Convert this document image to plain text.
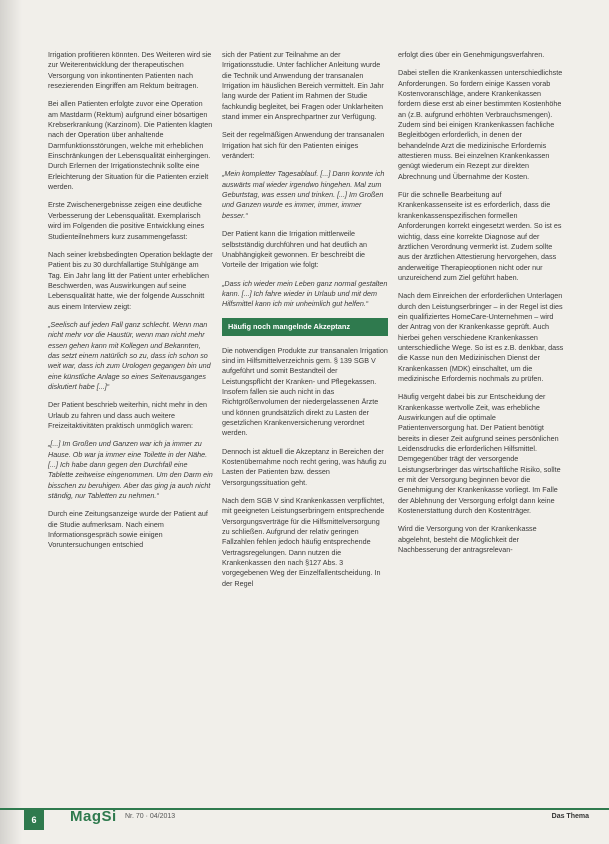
Irrigation profitieren könnten. Des Weiteren wird sie zur Weiterentwicklung der therapeutischen Versorgung von inkontinenten Patienten nach resezierenden Eingriffen am Rektum beitragen.

Bei allen Patienten erfolgte zuvor eine Operation am Mastdarm (Rektum) aufgrund einer bösartigen Krebserkrankung (Karzinom). Die Patienten klagten nach der Operation über anhaltende Darmfunktionsstörungen, welche mit erheblichen Einschränkungen der Lebensqualität einhergingen. Durch Erlernen der Irrigationstechnik sollte eine Erleichterung der Situation für die Patienten erzielt werden.

Erste Zwischenergebnisse zeigen eine deutliche Verbesserung der Lebensqualität. Exemplarisch wird im Folgenden die positive Entwicklung eines Studienteilnehmers kurz zusammengefasst:

Nach seiner krebsbedingten Operation beklagte der Patient bis zu 30 durchfallartige Stuhlgänge am Tag. Ein Jahr lang litt der Patient unter erheblichen Beschwerden, was Auswirkungen auf seine Lebensqualität hatte, wie der folgende Ausschnitt aus einem Interview zeigt:

„Seelisch auf jeden Fall ganz schlecht. Wenn man nicht mehr vor die Haustür, wenn man nicht mehr essen gehen kann mit Kollegen und Bekannten, das setzt einem natürlich so zu, dass ich schon so weit war, dass ich zum Urologen gegangen bin und eine künstliche Anlage so eines Seitenausganges diskutiert habe [...]“

Der Patient beschrieb weiterhin, nicht mehr in den Urlaub zu fahren und dass auch weitere Freizeitaktivitäten praktisch unmöglich waren:

„[...] Im Großen und Ganzen war ich ja immer zu Hause. Ob war ja immer eine Toilette in der Nähe. [...] Ich habe dann gegen den Durchfall eine Tablette zeitweise eingenommen. Um den Darm ein bisschen zu beruhigen. Aber das ging ja auch nicht ständig, nur Tabletten zu nehmen.“

Durch eine Zeitungsanzeige wurde der Patient auf die Studie aufmerksam. Nach einem Informationsgespräch sowie einigen Voruntersuchungen entschied

sich der Patient zur Teilnahme an der Irrigationsstudie. Unter fachlicher Anleitung wurde die Technik und Anwendung der transanalen Irrigation im häuslichen Bereich vermittelt. Ein Jahr lang wurde der Patient im Rahmen der Studie fachkundig begleitet, bei Fragen oder Unklarheiten stand immer ein Ansprechpartner zur Verfügung.

Seit der regelmäßigen Anwendung der transanalen Irrigation hat sich für den Patienten einiges verändert:

„Mein kompletter Tagesablauf. [...] Dann konnte ich auswärts mal wieder irgendwo hingehen. Mal zum Geburtstag, was essen und trinken. [...] Im Großen und Ganzen wurde es immer, immer, immer besser.“

Der Patient kann die Irrigation mittlerweile selbstständig durchführen und hat deutlich an Unabhängigkeit gewonnen. Er beschreibt die Vorteile der Irrigation wie folgt:

„Dass ich wieder mein Leben ganz normal gestalten kann. [...] Ich fahre wieder in Urlaub und mit dem Hilfsmittel kann ich mir unheimlich gut helfen.“

Häufig noch mangelnde Akzeptanz

Die notwendigen Produkte zur transanalen Irrigation sind im Hilfsmittelverzeichnis gem. § 139 SGB V aufgeführt und somit Bestandteil der Leistungspflicht der Kranken- und Pflegekassen. Insofern fallen sie auch nicht in das Richtgrößenvolumen der niedergelassenen Ärzte und können grundsätzlich direkt zu Lasten der gesetzlichen Krankenversicherung verordnet werden.

Dennoch ist aktuell die Akzeptanz in Bereichen der Kostenübernahme noch recht gering, was häufig zu Lasten der Patienten bzw. dessen Versorgungssituation geht.

Nach dem SGB V sind Krankenkassen verpflichtet, mit geeigneten Leistungserbringern entsprechende Versorgungsverträge für die Hilfsmittelversorgung zu schließen. Aufgrund der relativ geringen Fallzahlen fehlen jedoch häufig entsprechende Vertragsregelungen. Dann nutzen die Krankenkassen den nach §127 Abs. 3 vorgegebenen Weg der Einzelfallentscheidung. In der Regel

erfolgt dies über ein Genehmigungsverfahren.

Dabei stellen die Krankenkassen unterschiedlichste Anforderungen. So fordern einige Kassen vorab Kostenvoranschläge, andere Krankenkassen fordern diese erst ab einer bestimmten Kostenhöhe an (z.B. aufgrund erhöhten Verbrauchsmengen). Zudem sind bei einigen Krankenkassen fachliche Begleitbögen erforderlich, in denen der behandelnde Arzt die medizinische Erfordernis attestieren muss. Bei einzelnen Krankenkassen genügt wiederum ein Rezept zur direkten Abrechnung und Übernahme der Kosten.

Für die schnelle Bearbeitung auf Krankenkassenseite ist es erforderlich, dass die krankenkassenspezifischen formellen Anforderungen korrekt eingesetzt werden. So ist es wichtig, dass eine korrekte Diagnose auf der ärztlichen Verordnung vermerkt ist. Zudem sollte aus der ärztlichen Attestierung hervorgehen, dass anderweitige Therapieoptionen nicht oder nur unzureichend zum Ziel geführt haben.

Nach dem Einreichen der erforderlichen Unterlagen durch den Leistungserbringer – in der Regel ist dies ein qualifiziertes HomeCare-Unternehmen – wird der Antrag von der Krankenkasse geprüft. Auch hierbei gehen verschiedene Krankenkassen unterschiedliche Wege. So ist es z.B. denkbar, dass die Kasse nun den Medizinischen Dienst der Krankenkassen (MDK) einschaltet, um die medizinische Erfordernis nochmals zu prüfen.

Häufig vergeht dabei bis zur Entscheidung der Krankenkasse wertvolle Zeit, was erhebliche Auswirkungen auf die optimale Patientenversorgung hat. Der Patient benötigt bereits in dieser Zeit aufgrund seines persönlichen Leidensdrucks die erforderlichen Hilfsmittel. Demgegenüber trägt der versorgende Leistungserbringer das wirtschaftliche Risiko, sollte er mit der Versorgung beginnen bevor die Genehmigung der Krankenkasse vorliegt. Im Falle der Ablehnung der Versorgung erfolgt dann keine Kostenerstattung durch den Kostenträger.

Wird die Versorgung von der Krankenkasse abgelehnt, besteht die Möglichkeit der Nachbesserung der antragsrelevan-

6	MagSi Nr. 70 · 04/2013	Das Thema
